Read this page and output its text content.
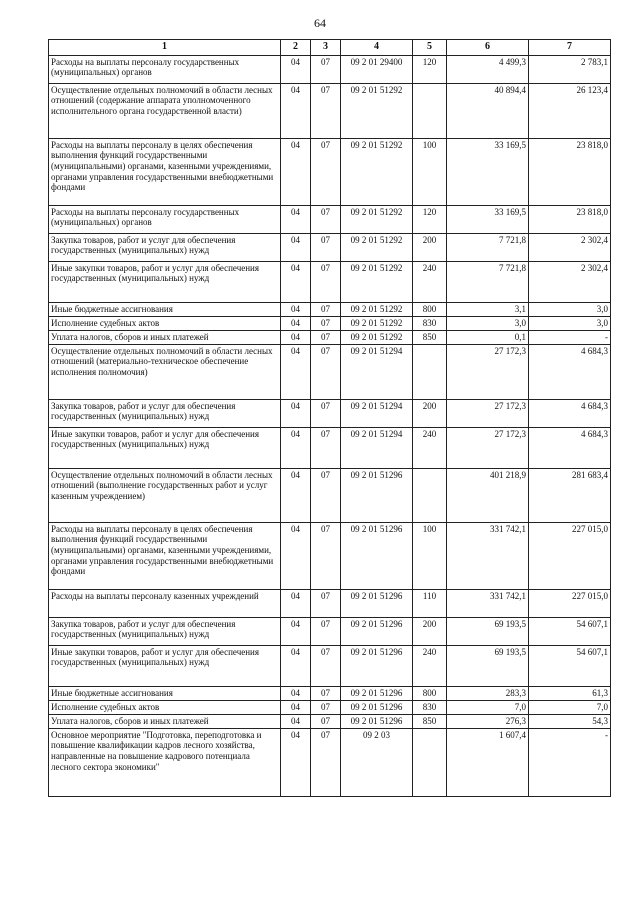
64
1	2	3	4	5	6	7
Расходы на выплаты персоналу государственных (муниципальных) органов	04	07	09 2 01 29400	120	4 499,3	2 783,1
Осуществление отдельных полномочий в области лесных отношений (содержание аппарата уполномоченного исполнительного органа государственной власти)	04	07	09 2 01 51292		40 894,4	26 123,4
Расходы на выплаты персоналу в целях обеспечения выполнения функций государственными (муниципальными) органами, казенными учреждениями, органами управления государственными внебюджетными фондами	04	07	09 2 01 51292	100	33 169,5	23 818,0
Расходы на выплаты персоналу государственных (муниципальных) органов	04	07	09 2 01 51292	120	33 169,5	23 818,0
Закупка товаров, работ и услуг для обеспечения государственных (муниципальных) нужд	04	07	09 2 01 51292	200	7 721,8	2 302,4
Иные закупки товаров, работ и услуг для обеспечения государственных (муниципальных) нужд	04	07	09 2 01 51292	240	7 721,8	2 302,4
Иные бюджетные ассигнования	04	07	09 2 01 51292	800	3,1	3,0
Исполнение судебных актов	04	07	09 2 01 51292	830	3,0	3,0
Уплата налогов, сборов и иных платежей	04	07	09 2 01 51292	850	0,1	-
Осуществление отдельных полномочий в области лесных отношений (материально-техническое обеспечение исполнения полномочия)	04	07	09 2 01 51294		27 172,3	4 684,3
Закупка товаров, работ и услуг для обеспечения государственных (муниципальных) нужд	04	07	09 2 01 51294	200	27 172,3	4 684,3
Иные закупки товаров, работ и услуг для обеспечения государственных (муниципальных) нужд	04	07	09 2 01 51294	240	27 172,3	4 684,3
Осуществление отдельных полномочий в области лесных отношений (выполнение государственных работ и услуг казенным учреждением)	04	07	09 2 01 51296		401 218,9	281 683,4
Расходы на выплаты персоналу в целях обеспечения выполнения функций государственными (муниципальными) органами, казенными учреждениями, органами управления государственными внебюджетными фондами	04	07	09 2 01 51296	100	331 742,1	227 015,0
Расходы на выплаты персоналу казенных учреждений	04	07	09 2 01 51296	110	331 742,1	227 015,0
Закупка товаров, работ и услуг для обеспечения государственных (муниципальных) нужд	04	07	09 2 01 51296	200	69 193,5	54 607,1
Иные закупки товаров, работ и услуг для обеспечения государственных (муниципальных) нужд	04	07	09 2 01 51296	240	69 193,5	54 607,1
Иные бюджетные ассигнования	04	07	09 2 01 51296	800	283,3	61,3
Исполнение судебных актов	04	07	09 2 01 51296	830	7,0	7,0
Уплата налогов, сборов и иных платежей	04	07	09 2 01 51296	850	276,3	54,3
Основное мероприятие "Подготовка, переподготовка и повышение квалификации кадров лесного хозяйства, направленные на повышение кадрового потенциала лесного сектора экономики"	04	07	09 2 03		1 607,4	-
